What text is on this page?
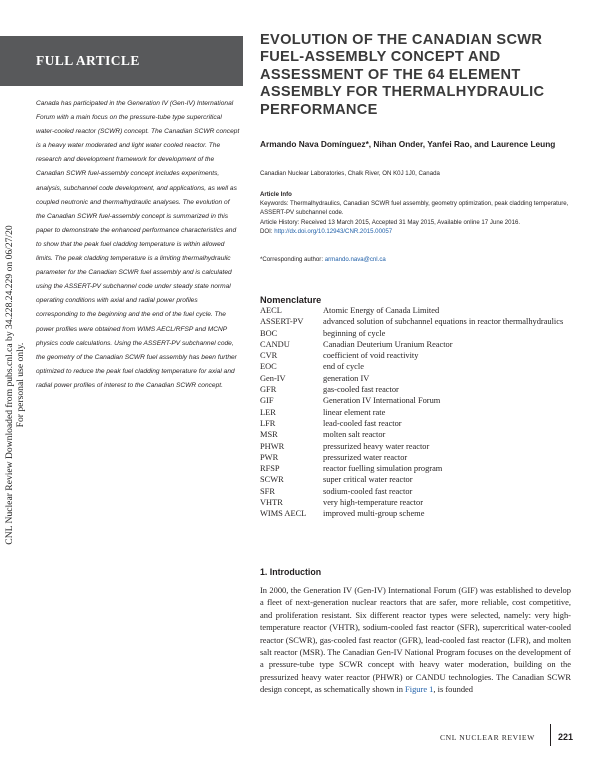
CNL Nuclear Review Downloaded from pubs.cnl.ca by 34.228.24.229 on 06/27/20 For personal use only.
FULL ARTICLE

Canada has participated in the Generation IV (Gen-IV) International Forum with a main focus on the pressure-tube type supercritical water-cooled reactor (SCWR) concept. The Canadian SCWR concept is a heavy water moderated and light water cooled reactor. The research and development framework for development of the Canadian SCWR fuel-assembly concept includes experiments, analysis, subchannel code development, and applications, as well as coupled neutronic and thermalhydraulic analyses. The evolution of the Canadian SCWR fuel-assembly concept is summarized in this paper to demonstrate the enhanced performance characteristics and to show that the peak fuel cladding temperature is within allowed limits. The peak cladding temperature is a limiting thermalhydraulic parameter for the Canadian SCWR fuel assembly and is calculated using the ASSERT-PV subchannel code under steady state normal operating conditions with axial and radial power profiles corresponding to the beginning and the end of the fuel cycle. The power profiles were obtained from WIMS AECL/RFSP and MCNP physics code calculations. Using the ASSERT-PV subchannel code, the geometry of the Canadian SCWR fuel assembly has been further optimized to reduce the peak fuel cladding temperature for axial and radial power profiles of interest to the Canadian SCWR concept.

EVOLUTION OF THE CANADIAN SCWR FUEL-ASSEMBLY CONCEPT AND ASSESSMENT OF THE 64 ELEMENT ASSEMBLY FOR THERMALHYDRAULIC PERFORMANCE
Armando Nava Domínguez*, Nihan Onder, Yanfei Rao, and Laurence Leung
Canadian Nuclear Laboratories, Chalk River, ON K0J 1J0, Canada
Article Info
Keywords: Thermalhydraulics, Canadian SCWR fuel assembly, geometry optimization, peak cladding temperature, ASSERT-PV subchannel code.
Article History: Received 13 March 2015, Accepted 31 May 2015, Available online 17 June 2016.
DOI: http://dx.doi.org/10.12943/CNR.2015.00057
*Corresponding author: armando.nava@cnl.ca
Nomenclature
AECL	Atomic Energy of Canada Limited
ASSERT-PV	advanced solution of subchannel equations in reactor thermalhydraulics
BOC	beginning of cycle
CANDU	Canadian Deuterium Uranium Reactor
CVR	coefficient of void reactivity
EOC	end of cycle
Gen-IV	generation IV
GFR	gas-cooled fast reactor
GIF	Generation IV International Forum
LER	linear element rate
LFR	lead-cooled fast reactor
MSR	molten salt reactor
PHWR	pressurized heavy water reactor
PWR	pressurized water reactor
RFSP	reactor fuelling simulation program
SCWR	super critical water reactor
SFR	sodium-cooled fast reactor
VHTR	very high-temperature reactor
WIMS AECL	improved multi-group scheme
1. Introduction

In 2000, the Generation IV (Gen-IV) International Forum (GIF) was established to develop a fleet of next-generation nuclear reactors that are safer, more reliable, cost competitive, and proliferation resistant. Six different reactor types were selected, namely: very high-temperature reactor (VHTR), sodium-cooled fast reactor (SFR), supercritical water-cooled reactor (SCWR), gas-cooled fast reactor (GFR), lead-cooled fast reactor (LFR), and molten salt reactor (MSR). The Canadian Gen-IV National Program focuses on the development of a pressure-tube type SCWR concept with heavy water moderation, building on the pressurized heavy water reactor (PHWR) or CANDU technologies. The Canadian SCWR design concept, as schematically shown in Figure 1, is founded

CNL NUCLEAR REVIEW	221
